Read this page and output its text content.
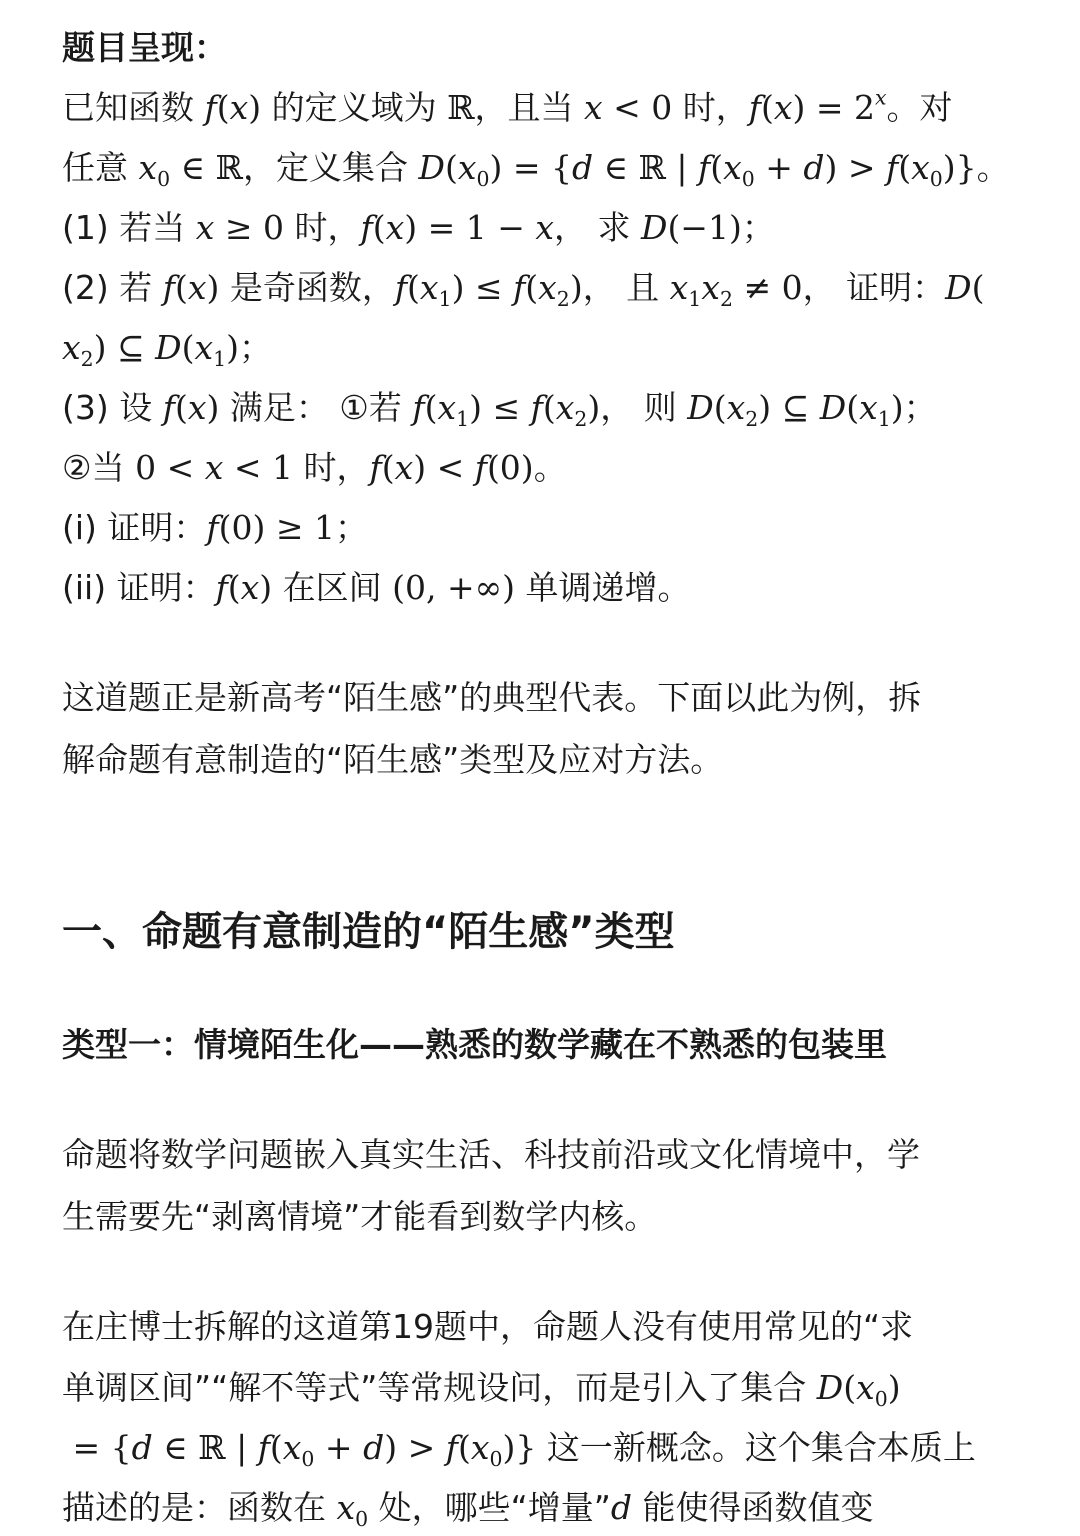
题目呈现：
已知函数 f(x) 的定义域为 ℝ，且当 x < 0 时，$f(x) = 2^x$。对
任意 $x_0$ ∈ ℝ，定义集合 $D(x_0) = \{d$ ∈ ℝ | $f(x_0 + d) > f(x_0)$}。
(1) 若当 x ≥ 0 时，f(x) = 1 − x， 求 D(−1)；
(2) 若 f(x) 是奇函数，$f(x_1) \le f(x_2)$， 且 $x_1x_2 \ne 0$， 证明：D(
$x_2$) ⊆ $D(x_1)$；
(3) 设 f(x) 满足： ①若 $f(x_1) \le f(x_2)$， 则 $D(x_2)$ ⊆ $D(x_1)$；
②当 0 < x < 1 时，f(x) < f(0)。
(i) 证明：f(0) ≥ 1；
(ii) 证明：f(x) 在区间 (0, +∞) 单调递增。
这道题正是新高考“陌生感”的典型代表。下面以此为例，拆
解命题有意制造的“陌生感”类型及应对方法。
一、命题有意制造的“陌生感”类型
类型一：情境陌生化——熟悉的数学藏在不熟悉的包装里
命题将数学问题嵌入真实生活、科技前沿或文化情境中，学
生需要先“剥离情境”才能看到数学内核。
在庄博士拆解的这道第19题中，命题人没有使用常见的“求
单调区间”“解不等式”等常规设问，而是引入了集合 $D(x_0)$
= {d ∈ ℝ | $f(x_0 + d) > f(x_0)$} 这一新概念。这个集合本质上
描述的是：函数在 $x_0$ 处，哪些“增量”d 能使得函数值变
